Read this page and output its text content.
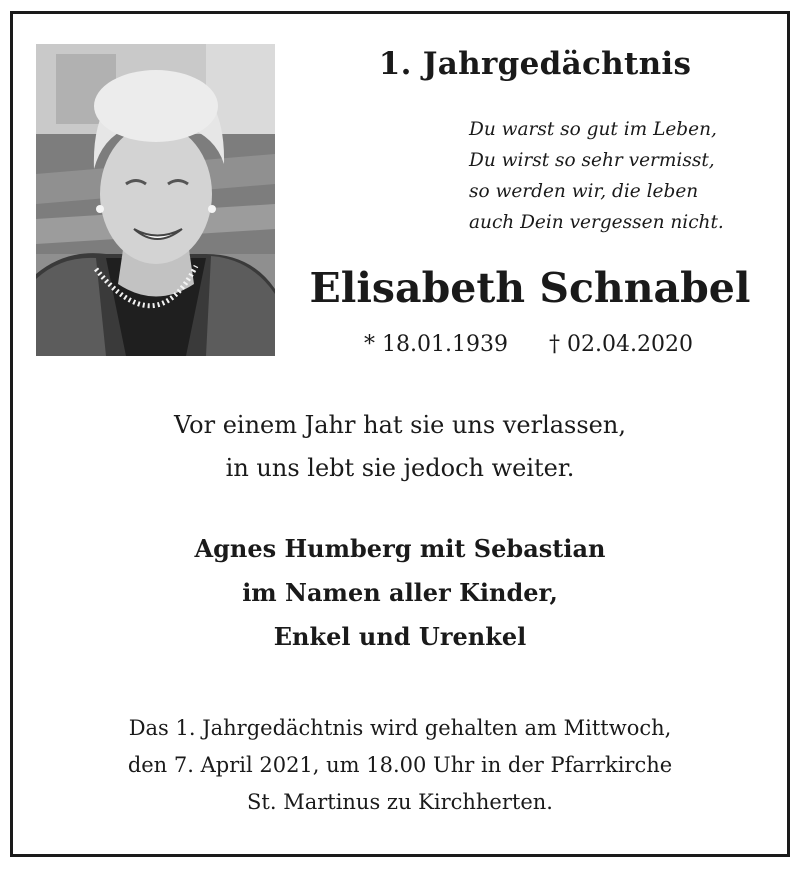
1. Jahrgedächtnis
Du warst so gut im Leben,
Du wirst so sehr vermisst,
so werden wir, die leben
auch Dein vergessen nicht.
Elisabeth Schnabel
* 18.01.1939 † 02.04.2020
Vor einem Jahr hat sie uns verlassen,
in uns lebt sie jedoch weiter.
Agnes Humberg mit Sebastian
im Namen aller Kinder,
Enkel und Urenkel
Das 1. Jahrgedächtnis wird gehalten am Mittwoch,
den 7. April 2021, um 18.00 Uhr in der Pfarrkirche
St. Martinus zu Kirchherten.
